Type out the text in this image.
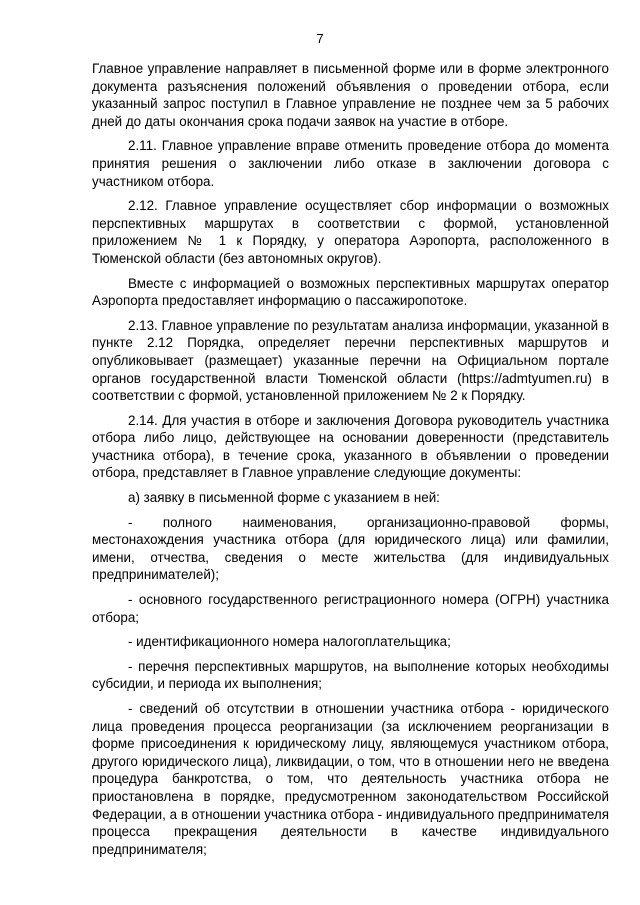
7

Главное управление направляет в письменной форме или в форме электронного документа разъяснения положений объявления о проведении отбора, если указанный запрос поступил в Главное управление не позднее чем за 5 рабочих дней до даты окончания срока подачи заявок на участие в отборе.

2.11. Главное управление вправе отменить проведение отбора до момента принятия решения о заключении либо отказе в заключении договора с участником отбора.

2.12. Главное управление осуществляет сбор информации о возможных перспективных маршрутах в соответствии с формой, установленной приложением № 1 к Порядку, у оператора Аэропорта, расположенного в Тюменской области (без автономных округов).

Вместе с информацией о возможных перспективных маршрутах оператор Аэропорта предоставляет информацию о пассажиропотоке.

2.13. Главное управление по результатам анализа информации, указанной в пункте 2.12 Порядка, определяет перечни перспективных маршрутов и опубликовывает (размещает) указанные перечни на Официальном портале органов государственной власти Тюменской области (https://admtyumen.ru) в соответствии с формой, установленной приложением № 2 к Порядку.

2.14. Для участия в отборе и заключения Договора руководитель участника отбора либо лицо, действующее на основании доверенности (представитель участника отбора), в течение срока, указанного в объявлении о проведении отбора, представляет в Главное управление следующие документы:

а) заявку в письменной форме с указанием в ней:

- полного наименования, организационно-правовой формы, местонахождения участника отбора (для юридического лица) или фамилии, имени, отчества, сведения о месте жительства (для индивидуальных предпринимателей);

- основного государственного регистрационного номера (ОГРН) участника отбора;

- идентификационного номера налогоплательщика;

- перечня перспективных маршрутов, на выполнение которых необходимы субсидии, и периода их выполнения;

- сведений об отсутствии в отношении участника отбора - юридического лица проведения процесса реорганизации (за исключением реорганизации в форме присоединения к юридическому лицу, являющемуся участником отбора, другого юридического лица), ликвидации, о том, что в отношении него не введена процедура банкротства, о том, что деятельность участника отбора не приостановлена в порядке, предусмотренном законодательством Российской Федерации, а в отношении участника отбора - индивидуального предпринимателя процесса прекращения деятельности в качестве индивидуального предпринимателя;
